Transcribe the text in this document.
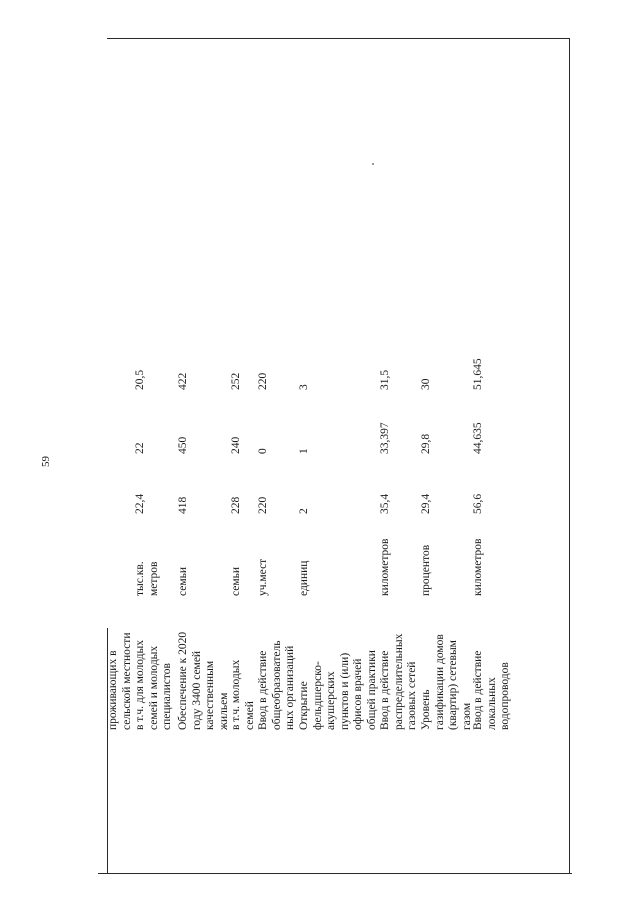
59
проживающих в
сельской местности
в т.ч. для молодых
семей и молодых
специалистов
тыс.кв.
метров
22,4
22
20,5
Обеспечение к 2020
году 3400 семей
качественным
жильем
семьи
418
450
422
в т.ч. молодых
семей
семьи
228
240
252
Ввод в действие
общеобразователь
ных организаций
уч.мест
220
0
220
Открытие
фельдшерско-
акушерских
пунктов и (или)
офисов врачей
общей практики
единиц
2
1
3
Ввод в действие
распределительных
газовых сетей
километров
35,4
33,397
31,5
Уровень
газификации домов
(квартир) сетевым
газом
процентов
29,4
29,8
30
Ввод в действие
локальных
водопроводов
километров
56,6
44,635
51,645
